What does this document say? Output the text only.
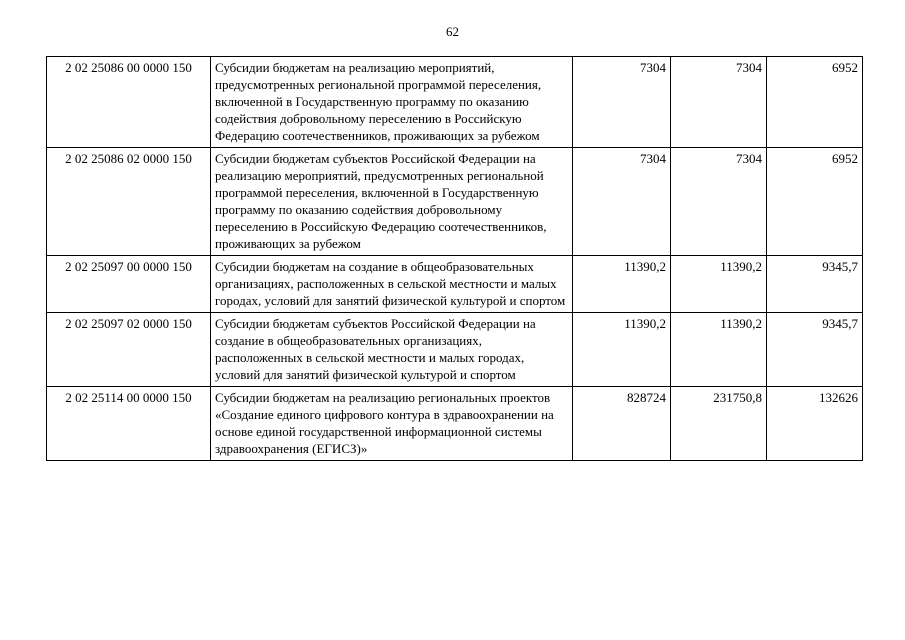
62
2 02 25086 00 0000 150	Субсидии бюджетам на реализацию мероприятий, предусмотренных региональной программой переселения, включенной в Государственную программу по оказанию содействия добровольному переселению в Российскую Федерацию соотечественников, проживающих за рубежом	7304	7304	6952
2 02 25086 02 0000 150	Субсидии бюджетам субъектов Российской Федерации на реализацию мероприятий, предусмотренных региональной программой переселения, включенной в Государственную программу по оказанию содействия добровольному переселению в Российскую Федерацию соотечественников, проживающих за рубежом	7304	7304	6952
2 02 25097 00 0000 150	Субсидии бюджетам на создание в общеобразовательных организациях, расположенных в сельской местности и малых городах, условий для занятий физической культурой и спортом	11390,2	11390,2	9345,7
2 02 25097 02 0000 150	Субсидии бюджетам субъектов Российской Федерации на создание в общеобразовательных организациях, расположенных в сельской местности и малых городах, условий для занятий физической культурой и спортом	11390,2	11390,2	9345,7
2 02 25114 00 0000 150	Субсидии бюджетам на реализацию региональных проектов «Создание единого цифрового контура в здравоохранении на основе единой государственной информационной системы здравоохранения (ЕГИСЗ)»	828724	231750,8	132626
